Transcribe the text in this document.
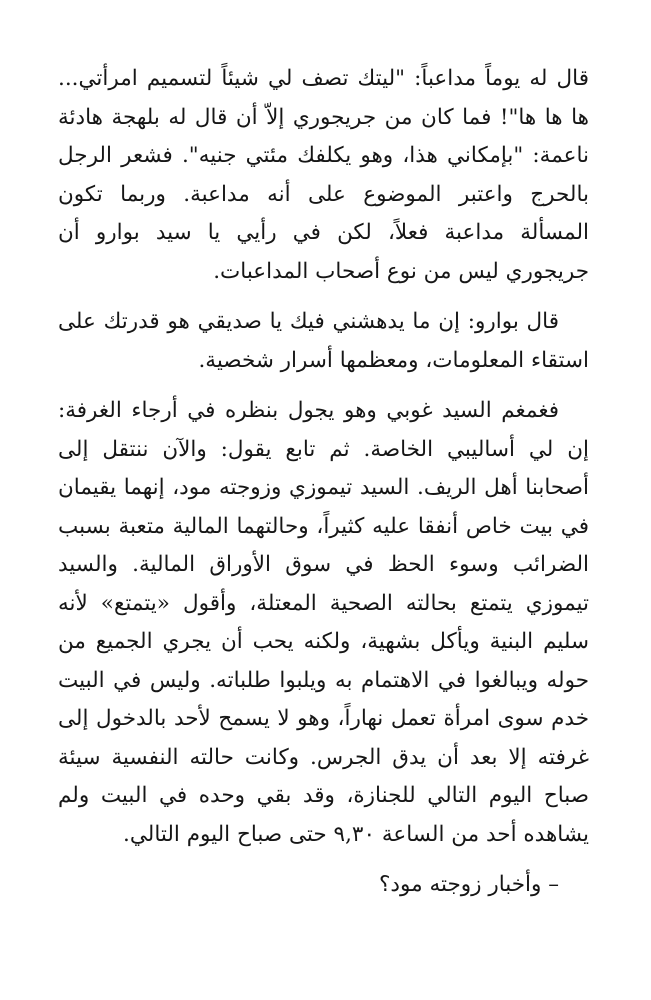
قال له يوماً مداعباً: "ليتك تصف لي شيئاً لتسميم امرأتي... ها ها ها"! فما كان من جريجوري إلاّ أن قال له بلهجة هادئة ناعمة: "بإمكاني هذا، وهو يكلفك مئتي جنيه". فشعر الرجل بالحرج واعتبر الموضوع على أنه مداعبة. وربما تكون المسألة مداعبة فعلاً، لكن في رأيي يا سيد بوارو أن جريجوري ليس من نوع أصحاب المداعبات.

قال بوارو: إن ما يدهشني فيك يا صديقي هو قدرتك على استقاء المعلومات، ومعظمها أسرار شخصية.

فغمغم السيد غوبي وهو يجول بنظره في أرجاء الغرفة: إن لي أساليبي الخاصة. ثم تابع يقول: والآن ننتقل إلى أصحابنا أهل الريف. السيد تيموزي وزوجته مود، إنهما يقيمان في بيت خاص أنفقا عليه كثيراً، وحالتهما المالية متعبة بسبب الضرائب وسوء الحظ في سوق الأوراق المالية. والسيد تيموزي يتمتع بحالته الصحية المعتلة، وأقول «يتمتع» لأنه سليم البنية ويأكل بشهية، ولكنه يحب أن يجري الجميع من حوله ويبالغوا في الاهتمام به ويلبوا طلباته. وليس في البيت خدم سوى امرأة تعمل نهاراً، وهو لا يسمح لأحد بالدخول إلى غرفته إلا بعد أن يدق الجرس. وكانت حالته النفسية سيئة صباح اليوم التالي للجنازة، وقد بقي وحده في البيت ولم يشاهده أحد من الساعة ٩,٣٠ حتى صباح اليوم التالي.

– وأخبار زوجته مود؟
